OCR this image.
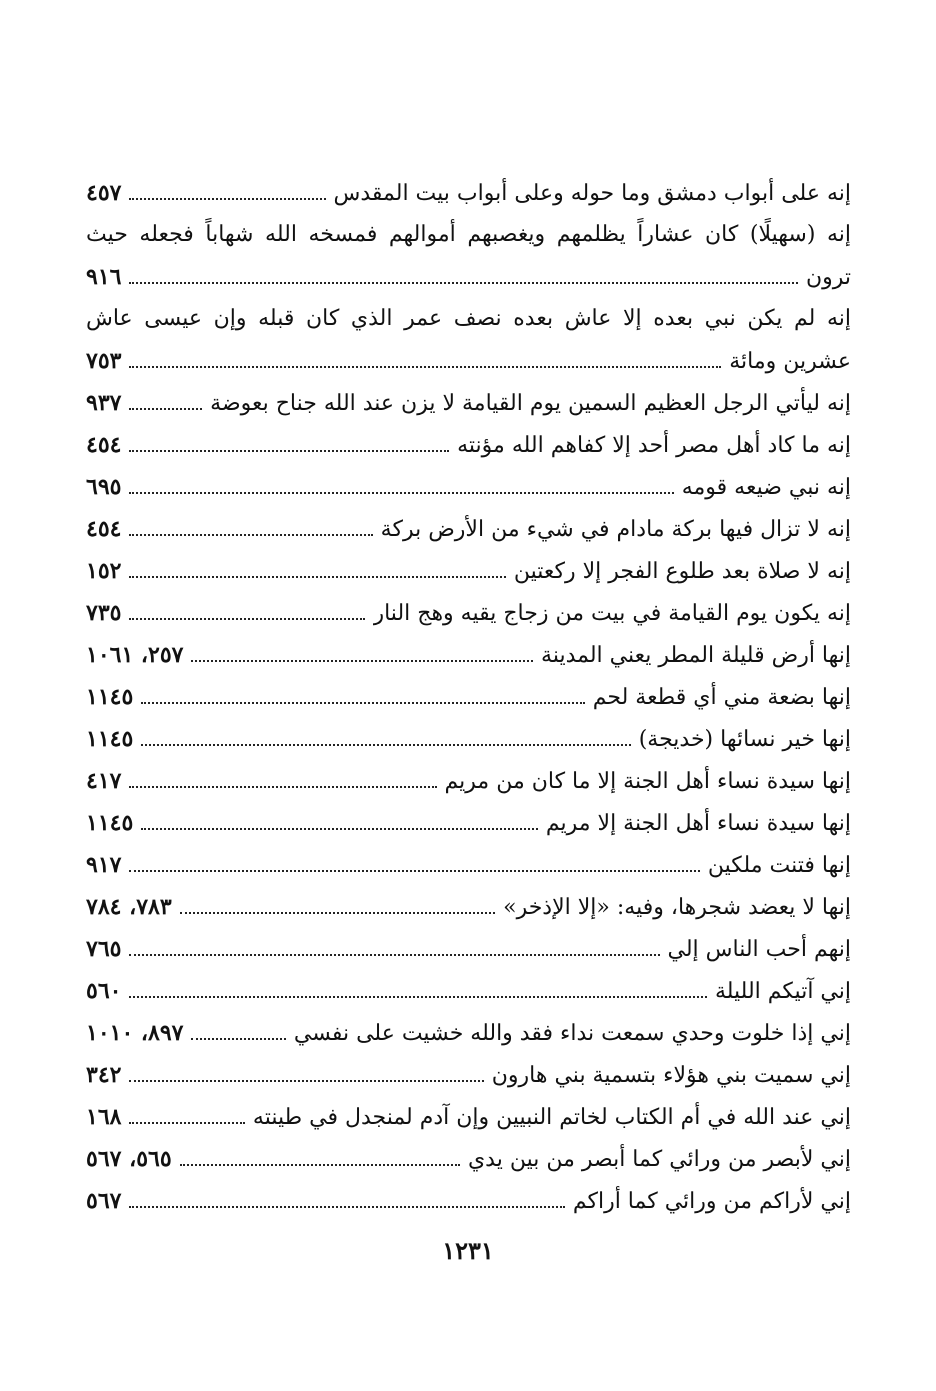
إنه على أبواب دمشق وما حوله وعلى أبواب بيت المقدس
٤٥٧
إنه (سهيلًا) كان عشاراً يظلمهم ويغصبهم أموالهم فمسخه الله شهاباً فجعله حيث
ترون
٩١٦
إنه لم يكن نبي بعده إلا عاش بعده نصف عمر الذي كان قبله وإن عيسى عاش
عشرين ومائة
٧٥٣
إنه ليأتي الرجل العظيم السمين يوم القيامة لا يزن عند الله جناح بعوضة
٩٣٧
إنه ما كاد أهل مصر أحد إلا كفاهم الله مؤنته
٤٥٤
إنه نبي ضيعه قومه
٦٩٥
إنه لا تزال فيها بركة مادام في شيء من الأرض بركة
٤٥٤
إنه لا صلاة بعد طلوع الفجر إلا ركعتين
١٥٢
إنه يكون يوم القيامة في بيت من زجاج يقيه وهج النار
٧٣٥
إنها أرض قليلة المطر يعني المدينة
٢٥٧، ١٠٦١
إنها بضعة مني أي قطعة لحم
١١٤٥
إنها خير نسائها (خديجة)
١١٤٥
إنها سيدة نساء أهل الجنة إلا ما كان من مريم
٤١٧
إنها سيدة نساء أهل الجنة إلا مريم
١١٤٥
إنها فتنت ملكين
٩١٧
إنها لا يعضد شجرها، وفيه: «إلا الإذخر»
٧٨٣، ٧٨٤
إنهم أحب الناس إلي
٧٦٥
إني آتيكم الليلة
٥٦٠
إني إذا خلوت وحدي سمعت نداء فقد والله خشيت على نفسي
٨٩٧، ١٠١٠
إني سميت بني هؤلاء بتسمية بني هارون
٣٤٢
إني عند الله في أم الكتاب لخاتم النبيين وإن آدم لمنجدل في طينته
١٦٨
إني لأبصر من ورائي كما أبصر من بين يدي
٥٦٥، ٥٦٧
إني لأراكم من ورائي كما أراكم
٥٦٧
١٢٣١
